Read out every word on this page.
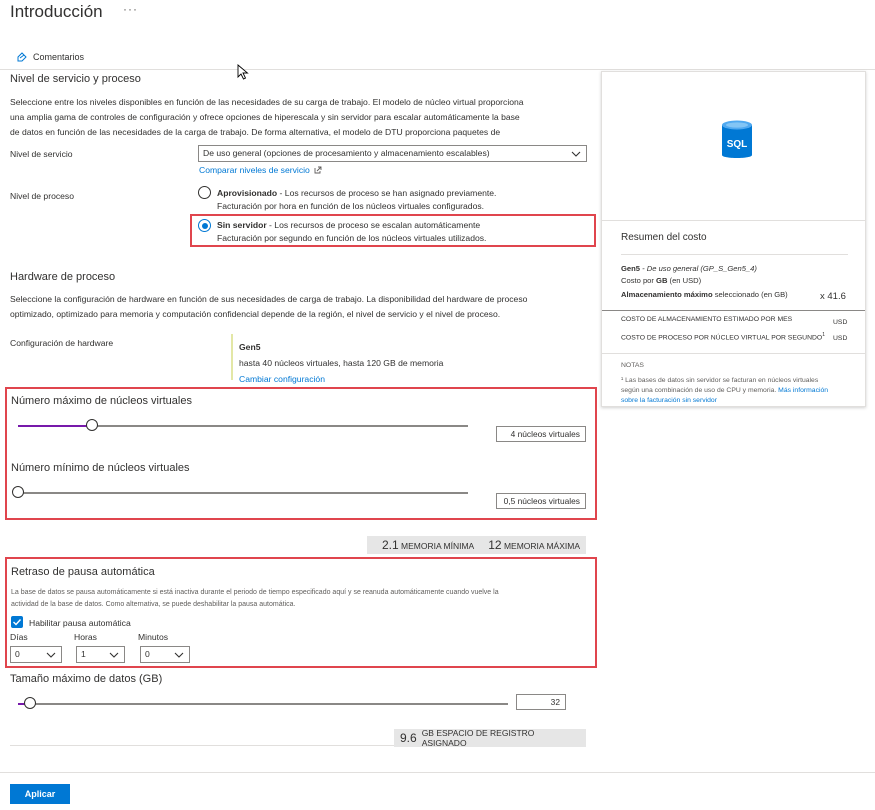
Introducción ···
Comentarios
Nivel de servicio y proceso
Seleccione entre los niveles disponibles en función de las necesidades de su carga de trabajo. El modelo de núcleo virtual proporciona
una amplia gama de controles de configuración y ofrece opciones de hiperescala y sin servidor para escalar automáticamente la base
de datos en función de las necesidades de la carga de trabajo. De forma alternativa, el modelo de DTU proporciona paquetes de
Nivel de servicio	De uso general (opciones de procesamiento y almacenamiento escalables)
Comparar niveles de servicio
Nivel de proceso	Aprovisionado - Los recursos de proceso se han asignado previamente.
Facturación por hora en función de los núcleos virtuales configurados.
Sin servidor - Los recursos de proceso se escalan automáticamente
Facturación por segundo en función de los núcleos virtuales utilizados.
Hardware de proceso
Seleccione la configuración de hardware en función de sus necesidades de carga de trabajo. La disponibilidad del hardware de proceso
optimizado, optimizado para memoria y computación confidencial depende de la región, el nivel de servicio y el nivel de proceso.
Configuración de hardware	Gen5
hasta 40 núcleos virtuales, hasta 120 GB de memoria
Cambiar configuración
Número máximo de núcleos virtuales
4 núcleos virtuales
Número mínimo de núcleos virtuales
0,5 núcleos virtuales
2.1 MEMORIA MÍNIMA 12 MEMORIA MÁXIMA
Retraso de pausa automática
La base de datos se pausa automáticamente si está inactiva durante el periodo de tiempo especificado aquí y se reanuda automáticamente cuando vuelve la
actividad de la base de datos. Como alternativa, se puede deshabilitar la pausa automática.
Habilitar pausa automática
Días
0
Horas
1
Minutos
0
Tamaño máximo de datos (GB)
32
9.6 GB ESPACIO DE REGISTRO ASIGNADO
SQL
Resumen del costo
Gen5 - De uso general (GP_S_Gen5_4)
Costo por GB (en USD)
Almacenamiento máximo seleccionado (en GB)	x 41.6
COSTO DE ALMACENAMIENTO ESTIMADO POR MES	USD
COSTO DE PROCESO POR NÚCLEO VIRTUAL POR SEGUNDO$^1$ USD
NOTAS
¹ Las bases de datos sin servidor se facturan en núcleos virtuales
según una combinación de uso de CPU y memoria. Más información
sobre la facturación sin servidor
Aplicar
